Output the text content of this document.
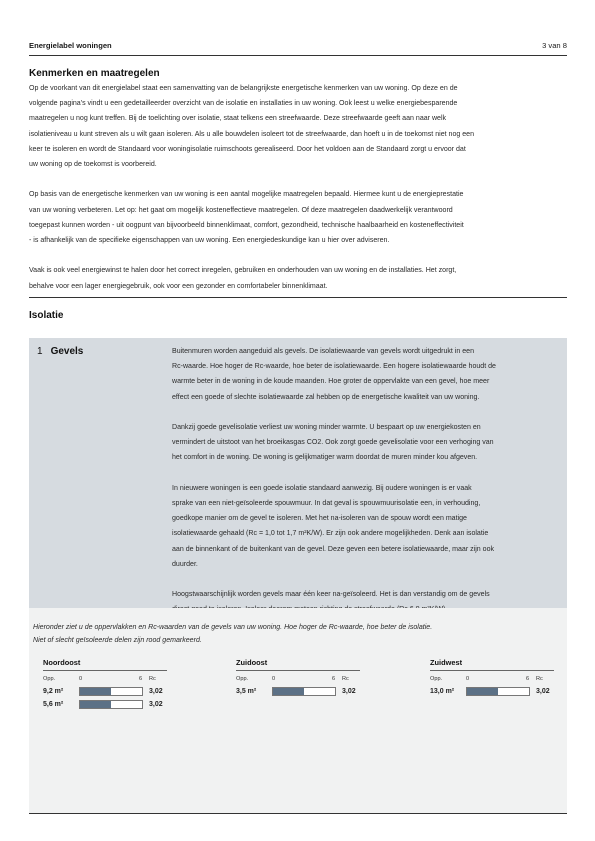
Energielabel woningen	3 van 8
Kenmerken en maatregelen
Op de voorkant van dit energielabel staat een samenvatting van de belangrijkste energetische kenmerken van uw woning. Op deze en de
volgende pagina's vindt u een gedetailleerder overzicht van de isolatie en installaties in uw woning. Ook leest u welke energiebesparende
maatregelen u nog kunt treffen. Bij de toelichting over isolatie, staat telkens een streefwaarde. Deze streefwaarde geeft aan naar welk
isolatieniveau u kunt streven als u wilt gaan isoleren. Als u alle bouwdelen isoleert tot de streefwaarde, dan hoeft u in de toekomst niet nog een
keer te isoleren en wordt de Standaard voor woningisolatie ruimschoots gerealiseerd. Door het voldoen aan de Standaard zorgt u ervoor dat
uw woning op de toekomst is voorbereid.
Op basis van de energetische kenmerken van uw woning is een aantal mogelijke maatregelen bepaald. Hiermee kunt u de energieprestatie
van uw woning verbeteren. Let op: het gaat om mogelijk kosteneffectieve maatregelen. Of deze maatregelen daadwerkelijk verantwoord
toegepast kunnen worden - uit oogpunt van bijvoorbeeld binnenklimaat, comfort, gezondheid, technische haalbaarheid en kosteneffectiviteit
- is afhankelijk van de specifieke eigenschappen van uw woning. Een energiedeskundige kan u hier over adviseren.
Vaak is ook veel energiewinst te halen door het correct inregelen, gebruiken en onderhouden van uw woning en de installaties. Het zorgt,
behalve voor een lager energiegebruik, ook voor een gezonder en comfortabeler binnenklimaat.
Isolatie
1 Gevels	Buitenmuren worden aangeduid als gevels. De isolatiewaarde van gevels wordt uitgedrukt in een
Rc-waarde. Hoe hoger de Rc-waarde, hoe beter de isolatiewaarde. Een hogere isolatiewaarde houdt de
warmte beter in de woning in de koude maanden. Hoe groter de oppervlakte van een gevel, hoe meer
effect een goede of slechte isolatiewaarde zal hebben op de energetische kwaliteit van uw woning.

Dankzij goede gevelisolatie verliest uw woning minder warmte. U bespaart op uw energiekosten en
vermindert de uitstoot van het broeikasgas CO2. Ook zorgt goede gevelisolatie voor een verhoging van
het comfort in de woning. De woning is gelijkmatiger warm doordat de muren minder kou afgeven.

In nieuwere woningen is een goede isolatie standaard aanwezig. Bij oudere woningen is er vaak
sprake van een niet-geïsoleerde spouwmuur. In dat geval is spouwmuurisolatie een, in verhouding,
goedkope manier om de gevel te isoleren. Met het na-isoleren van de spouw wordt een matige
isolatiewaarde gehaald (Rc = 1,0 tot 1,7 m²K/W). Er zijn ook andere mogelijkheden. Denk aan isolatie
aan de binnenkant of de buitenkant van de gevel. Deze geven een betere isolatiewaarde, maar zijn ook
duurder.

Hoogstwaarschijnlijk worden gevels maar één keer na-geïsoleerd. Het is dan verstandig om de gevels

Hieronder ziet u de oppervlakken en Rc-waarden van de gevels van uw woning. Hoe hoger de Rc-waarde, hoe beter de isolatie.
Niet of slecht geïsoleerde delen zijn rood gemarkeerd.
Noordoost
Opp.	0	6 Rc
9,2 m²	3,02
5,6 m²	3,02
Zuidoost
Opp.	0	6 Rc
3,5 m²	3,02
Zuidwest
Opp.	0	6 Rc
13,0 m²	3,02
